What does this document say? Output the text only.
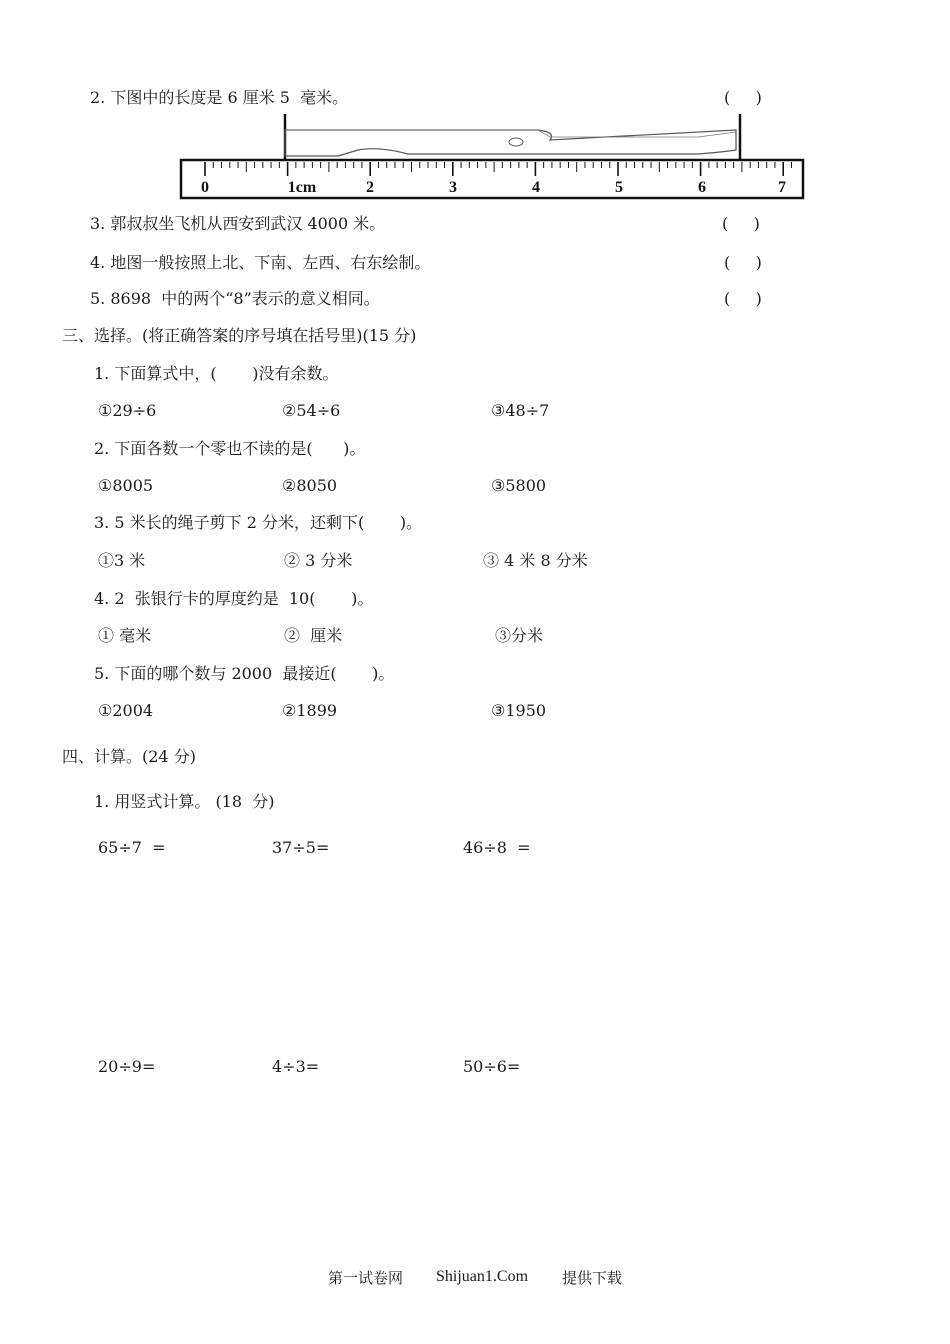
2. 下图中的长度是 6 厘米 5  毫米。	(     )
0	1cm	2	3	4	5	6	7
3. 郭叔叔坐飞机从西安到武汉 4000 米。	(     )
4. 地图一般按照上北、下南、左西、右东绘制。	(     )
5. 8698  中的两个“8”表示的意义相同。	(     )
三、选择。(将正确答案的序号填在括号里)(15 分)
1. 下面算式中，(       )没有余数。
①29÷6	②54÷6	③48÷7
2. 下面各数一个零也不读的是(      )。
①8005	②8050	③5800
3. 5 米长的绳子剪下 2 分米，还剩下(       )。
①3 米	② 3 分米	③ 4 米 8 分米
4. 2  张银行卡的厚度约是  10(       )。
① 毫米	②  厘米	③分米
5. 下面的哪个数与 2000  最接近(       )。
①2004	②1899	③1950
四、计算。(24 分)
1. 用竖式计算。 (18  分)
65÷7  =	37÷5=	46÷8  =
20÷9=	4÷3=	50÷6=
第一试卷网 Shijuan1.Com 提供下载
